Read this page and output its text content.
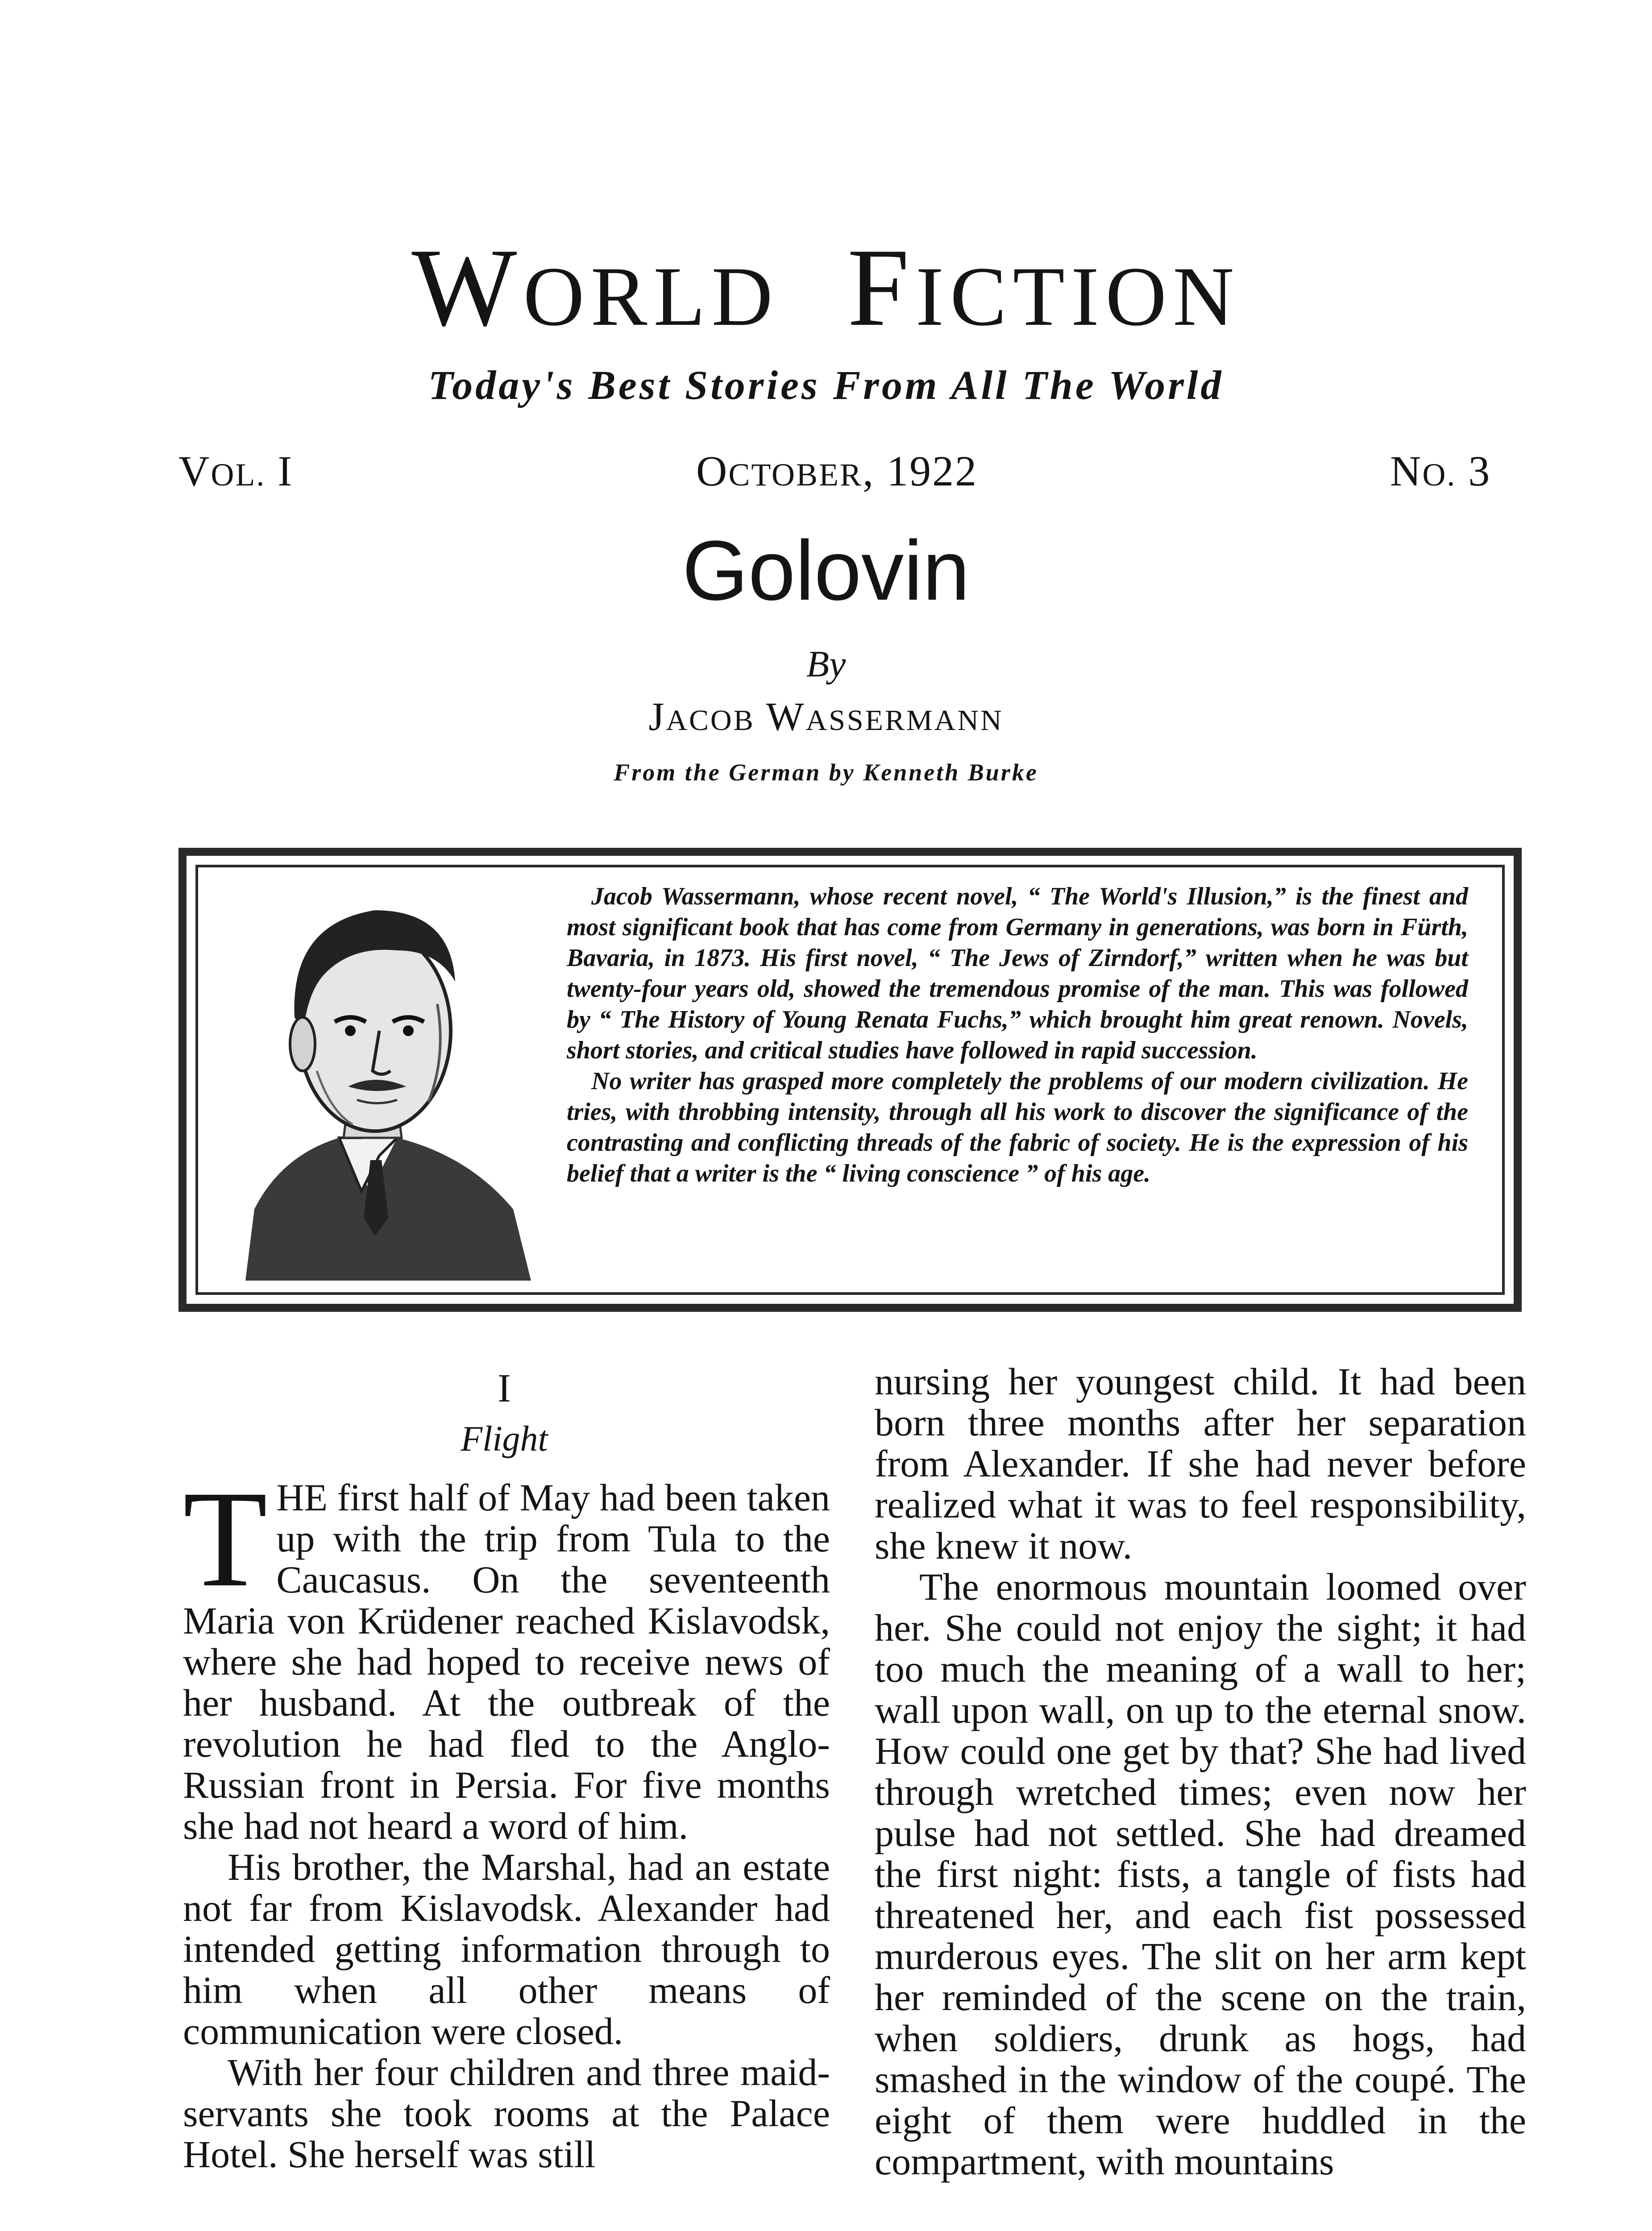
WORLD FICTION
Today's Best Stories From All The World
VOL. I	OCTOBER, 1922	NO. 3
Golovin
By
JACOB WASSERMANN
From the German by Kenneth Burke

Jacob Wassermann, whose recent novel, “ The World's Illusion,” is the finest and most significant book that has come from Germany in generations, was born in Fürth, Bavaria, in 1873. His first novel, “ The Jews of Zirndorf,” written when he was but twenty-four years old, showed the tremendous promise of the man. This was followed by “ The History of Young Renata Fuchs,” which brought him great renown. Novels, short stories, and critical studies have followed in rapid succession.

No writer has grasped more completely the problems of our modern civilization. He tries, with throbbing intensity, through all his work to discover the significance of the contrasting and conflicting threads of the fabric of society. He is the expression of his belief that a writer is the “ living conscience ” of his age.

I
Flight

THE first half of May had been taken up with the trip from Tula to the Caucasus. On the seventeenth Maria von Krüdener reached Kislavodsk, where she had hoped to receive news of her husband. At the outbreak of the revolution he had fled to the Anglo-Russian front in Persia. For five months she had not heard a word of him.

His brother, the Marshal, had an estate not far from Kislavodsk. Alexander had intended getting information through to him when all other means of communication were closed.

With her four children and three maid-servants she took rooms at the Palace Hotel. She herself was still

nursing her youngest child. It had been born three months after her separation from Alexander. If she had never before realized what it was to feel responsibility, she knew it now.

The enormous mountain loomed over her. She could not enjoy the sight; it had too much the meaning of a wall to her; wall upon wall, on up to the eternal snow. How could one get by that? She had lived through wretched times; even now her pulse had not settled. She had dreamed the first night: fists, a tangle of fists had threatened her, and each fist possessed murderous eyes. The slit on her arm kept her reminded of the scene on the train, when soldiers, drunk as hogs, had smashed in the window of the coupé. The eight of them were huddled in the compartment, with mountains
